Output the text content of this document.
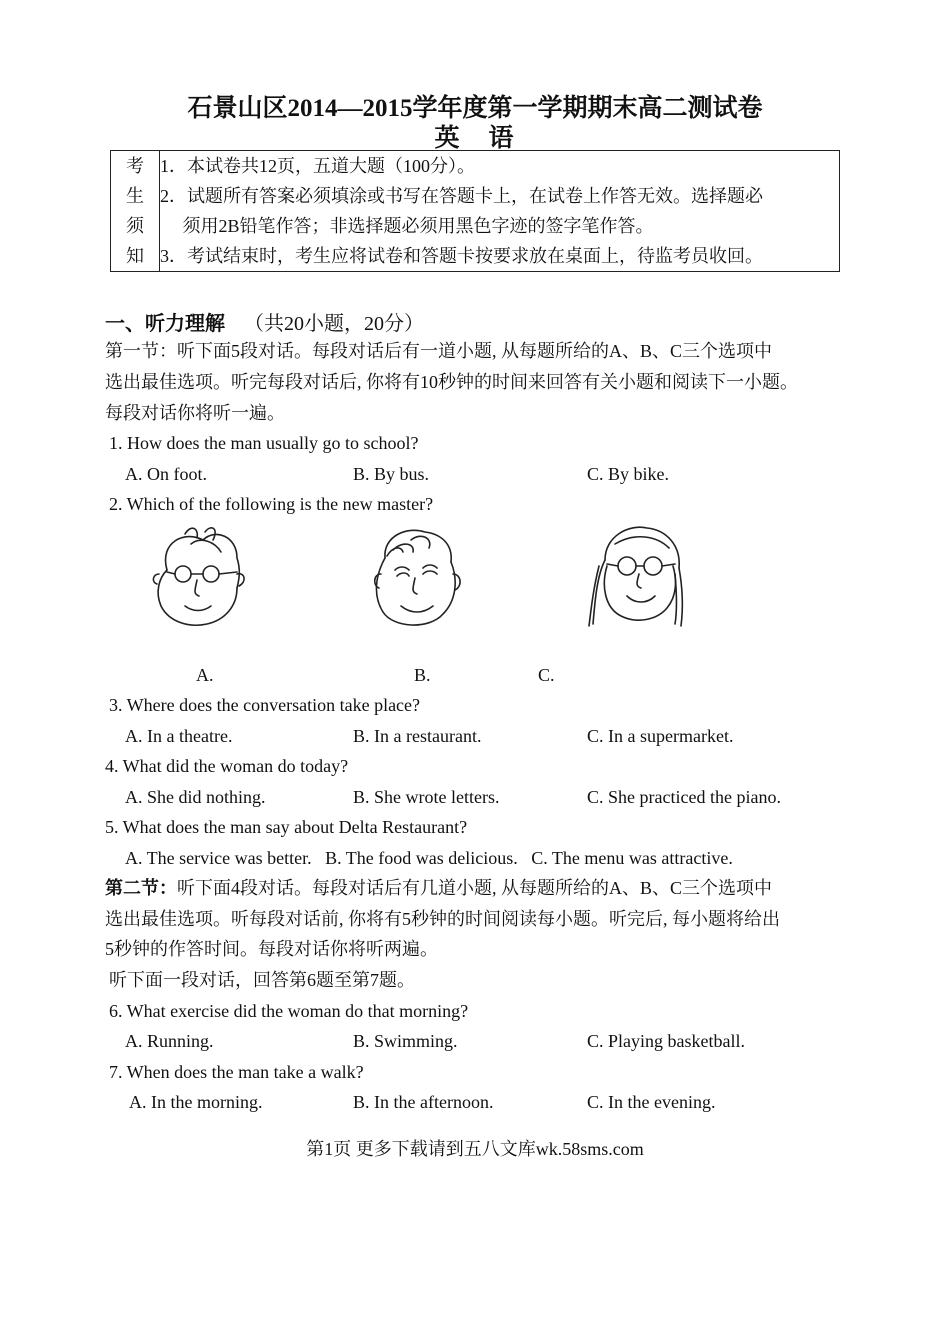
石景山区2014—2015学年度第一学期期末高二测试卷
英　语
考
生
须
知

1．本试卷共12页，五道大题（100分）。
2．试题所有答案必须填涂或书写在答题卡上，在试卷上作答无效。选择题必
　 须用2B铅笔作答；非选择题必须用黑色字迹的签字笔作答。
3．考试结束时，考生应将试卷和答题卡按要求放在桌面上，待监考员收回。
一、听力理解 （共20小题，20分）
第一节：听下面5段对话。每段对话后有一道小题, 从每题所给的A、B、C三个选项中
选出最佳选项。听完每段对话后, 你将有10秒钟的时间来回答有关小题和阅读下一小题。
每段对话你将听一遍。
1. How does the man usually go to school?
A. On foot.	B. By bus.	C. By bike.
2. Which of the following is the new master?
A.	B.	C.
3. Where does the conversation take place?
A. In a theatre.	B. In a restaurant.	C. In a supermarket.
4. What did the woman do today?
A. She did nothing.	B. She wrote letters.	C. She practiced the piano.
5. What does the man say about Delta Restaurant?
A. The service was better.   B. The food was delicious.   C. The menu was attractive.
第二节：听下面4段对话。每段对话后有几道小题, 从每题所给的A、B、C三个选项中
选出最佳选项。听每段对话前, 你将有5秒钟的时间阅读每小题。听完后, 每小题将给出
5秒钟的作答时间。每段对话你将听两遍。
听下面一段对话，回答第6题至第7题。
6. What exercise did the woman do that morning?
A. Running.	B. Swimming.	C. Playing basketball.
7. When does the man take a walk?
A. In the morning.	B. In the afternoon.	C. In the evening.
第1页 更多下载请到五八文库wk.58sms.com
